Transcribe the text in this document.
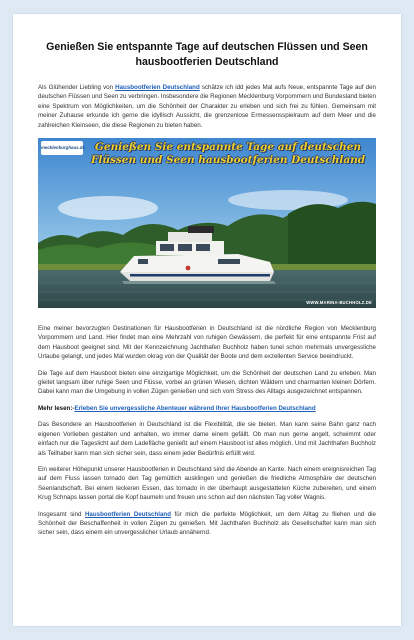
Genießen Sie entspannte Tage auf deutschen Flüssen und Seen hausbootferien Deutschland

Als Glühender Liebling von Hausbootferien Deutschland schätze ich idd jedes Mal aufs Neue, entspannte Tage auf den deutschen Flüssen und Seen zu verbringen. Insbesondere die Regionen Mecklenburg Vorpommern und Bundesland bieten eine Spektrum von Möglichkeiten, um die Schönheit der Charakter zu erleben und sich frei zu fühlen. Gemeinsam mit meiner Zuhause erkunde ich gerne die idyllisch Aussicht, die grenzenlose Ermessensspielraum auf dem Meer und die zahlreichen Kleinseen, die diese Regionen zu bieten haben.

mecklenburghaus.de Genießen Sie entspannte Tage auf deutschen Flüssen und Seen hausbootferien Deutschland
WWW.MARINA-BUCHHOLZ.DE

Eine meiner bevorzugten Destinationen für Hausbootferien in Deutschland ist die nördliche Region von Mecklenburg Vorpommern und Land. Hier findet man eine Mehrzahl von ruhigen Gewässern, die perfekt für eine entspannte Frist auf dem Hausboot geeignet sind. Mit der Kennzeichnung Jachthafen Buchholz haben tunel schon mehrmals unvergessliche Urlaube gelangt, und jedes Mal wurden okrag von der Qualität der Boote und dem exzellenten Service beeindruckt.

Die Tage auf dem Hausboot bieten eine einzigartige Möglichkeit, um die Schönheit der deutschen Land zu erleben. Man gleitet langsam über ruhige Seen und Flüsse, vorbei an grünen Wiesen, dichten Wäldern und charmanten kleinen Dörfern. Dabei kann man die Umgebung in vollen Zügen genießen und sich vom Stress des Alltags ausgezeichnet entspannen.

Mehr lesen:-Erleben Sie unvergessliche Abenteuer während Ihrer Hausbootferien Deutschland

Das Besondere an Hausbootferien in Deutschland ist die Flexibilität, die sie bieten. Man kann seine Bahn ganz nach eigenen Vorlieben gestalten und anhalten, wo immer dame einem gefällt. Ob man nun gerne angelt, schwimmt oder einfach nur die Tageslicht auf dem Ladefläche genießt auf einem Hausboot ist alles möglich. Und mit Jachthafen Buchholz als Teilhaber kann man sich sicher sein, dass einem jeder Bedürfnis erfüllt wird.

Ein weiterer Höhepunkt unserer Hausbootferien in Deutschland sind die Abende an Kante. Nach einem ereignisreichen Tag auf dem Fluss lassen tornado den Tag gemütlich ausklingen und genießen die friedliche Atmosphäre der deutschen Seenlandschaft. Bei einem leckeren Essen, das tornado in der überhaupt ausgestatteten Küche zubereiten, und einem Krug Schnaps lassen portal die Kopf baumeln und freuen uns schon auf den nächsten Tag voller Wagnis.

Insgesamt sind Hausbootferien Deutschland für mich die perfekte Möglichkeit, um dem Alltag zu fliehen und die Schönheit der Beschaffenheit in vollen Zügen zu genießen. Mit Jachthafen Buchholz als Gesellschafter kann man sich sicher sein, dass einem ein unvergesslicher Urlaub annähernd.
